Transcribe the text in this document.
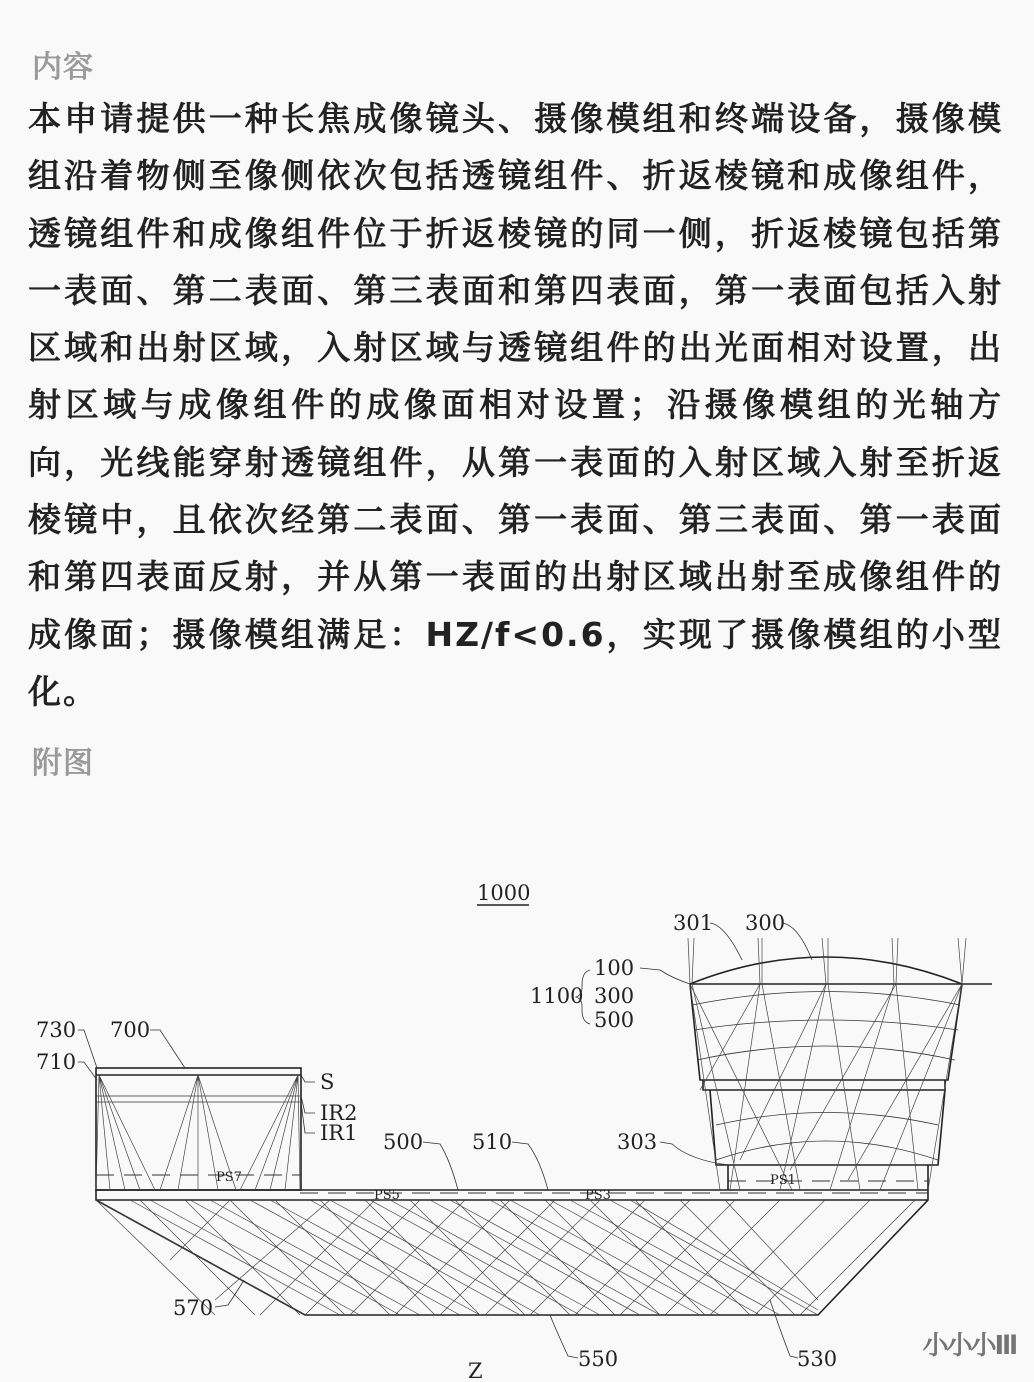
内容

本申请提供一种长焦成像镜头、摄像模组和终端设备，摄像模组沿着物侧至像侧依次包括透镜组件、折返棱镜和成像组件，透镜组件和成像组件位于折返棱镜的同一侧，折返棱镜包括第一表面、第二表面、第三表面和第四表面，第一表面包括入射区域和出射区域，入射区域与透镜组件的出光面相对设置，出射区域与成像组件的成像面相对设置；沿摄像模组的光轴方向，光线能穿射透镜组件，从第一表面的入射区域入射至折返棱镜中，且依次经第二表面、第一表面、第三表面、第一表面和第四表面反射，并从第一表面的出射区域出射至成像组件的成像面；摄像模组满足：HZ/f<0.6，实现了摄像模组的小型化。

附图
1000
301 300
100
1100 300
500
730 700
710
S
IR2
IR1 500 510	303
PS7
PS5	PS3
PS1
570
550	530
Z
小小小Ill
